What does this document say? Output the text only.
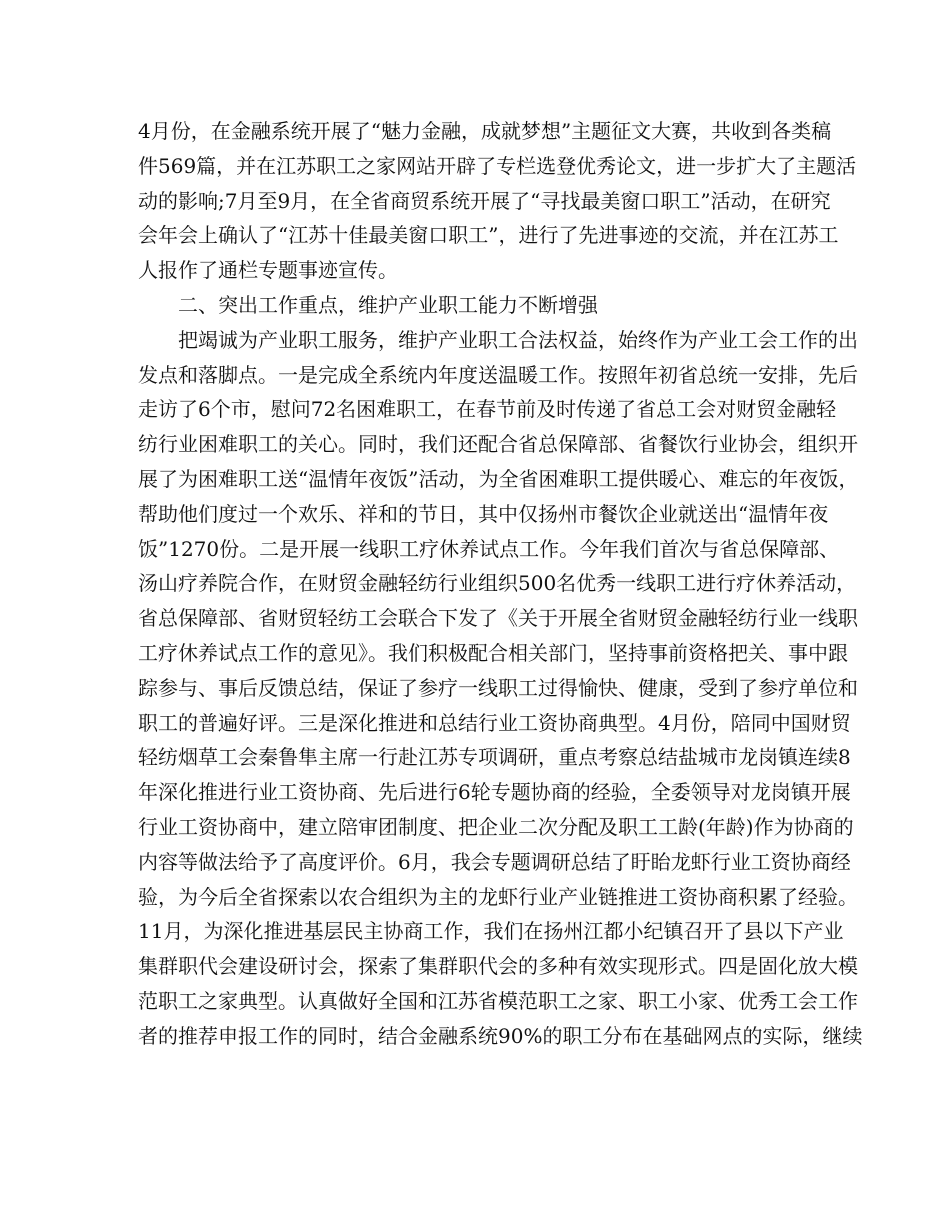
4月份，在金融系统开展了“魅力金融，成就梦想”主题征文大赛，共收到各类稿
件569篇，并在江苏职工之家网站开辟了专栏选登优秀论文，进一步扩大了主题活
动的影响;7月至9月，在全省商贸系统开展了“寻找最美窗口职工”活动，在研究
会年会上确认了“江苏十佳最美窗口职工”，进行了先进事迹的交流，并在江苏工
人报作了通栏专题事迹宣传。
二、突出工作重点，维护产业职工能力不断增强
把竭诚为产业职工服务，维护产业职工合法权益，始终作为产业工会工作的出
发点和落脚点。一是完成全系统内年度送温暖工作。按照年初省总统一安排，先后
走访了6个市，慰问72名困难职工，在春节前及时传递了省总工会对财贸金融轻
纺行业困难职工的关心。同时，我们还配合省总保障部、省餐饮行业协会，组织开
展了为困难职工送“温情年夜饭”活动，为全省困难职工提供暖心、难忘的年夜饭，
帮助他们度过一个欢乐、祥和的节日，其中仅扬州市餐饮企业就送出“温情年夜
饭”1270份。二是开展一线职工疗休养试点工作。今年我们首次与省总保障部、
汤山疗养院合作，在财贸金融轻纺行业组织500名优秀一线职工进行疗休养活动，
省总保障部、省财贸轻纺工会联合下发了《关于开展全省财贸金融轻纺行业一线职
工疗休养试点工作的意见》。我们积极配合相关部门，坚持事前资格把关、事中跟
踪参与、事后反馈总结，保证了参疗一线职工过得愉快、健康，受到了参疗单位和
职工的普遍好评。三是深化推进和总结行业工资协商典型。4月份，陪同中国财贸
轻纺烟草工会秦鲁隼主席一行赴江苏专项调研，重点考察总结盐城市龙岗镇连续8
年深化推进行业工资协商、先后进行6轮专题协商的经验，全委领导对龙岗镇开展
行业工资协商中，建立陪审团制度、把企业二次分配及职工工龄(年龄)作为协商的
内容等做法给予了高度评价。6月，我会专题调研总结了盱眙龙虾行业工资协商经
验，为今后全省探索以农合组织为主的龙虾行业产业链推进工资协商积累了经验。
11月，为深化推进基层民主协商工作，我们在扬州江都小纪镇召开了县以下产业
集群职代会建设研讨会，探索了集群职代会的多种有效实现形式。四是固化放大模
范职工之家典型。认真做好全国和江苏省模范职工之家、职工小家、优秀工会工作
者的推荐申报工作的同时，结合金融系统90%的职工分布在基础网点的实际，继续
